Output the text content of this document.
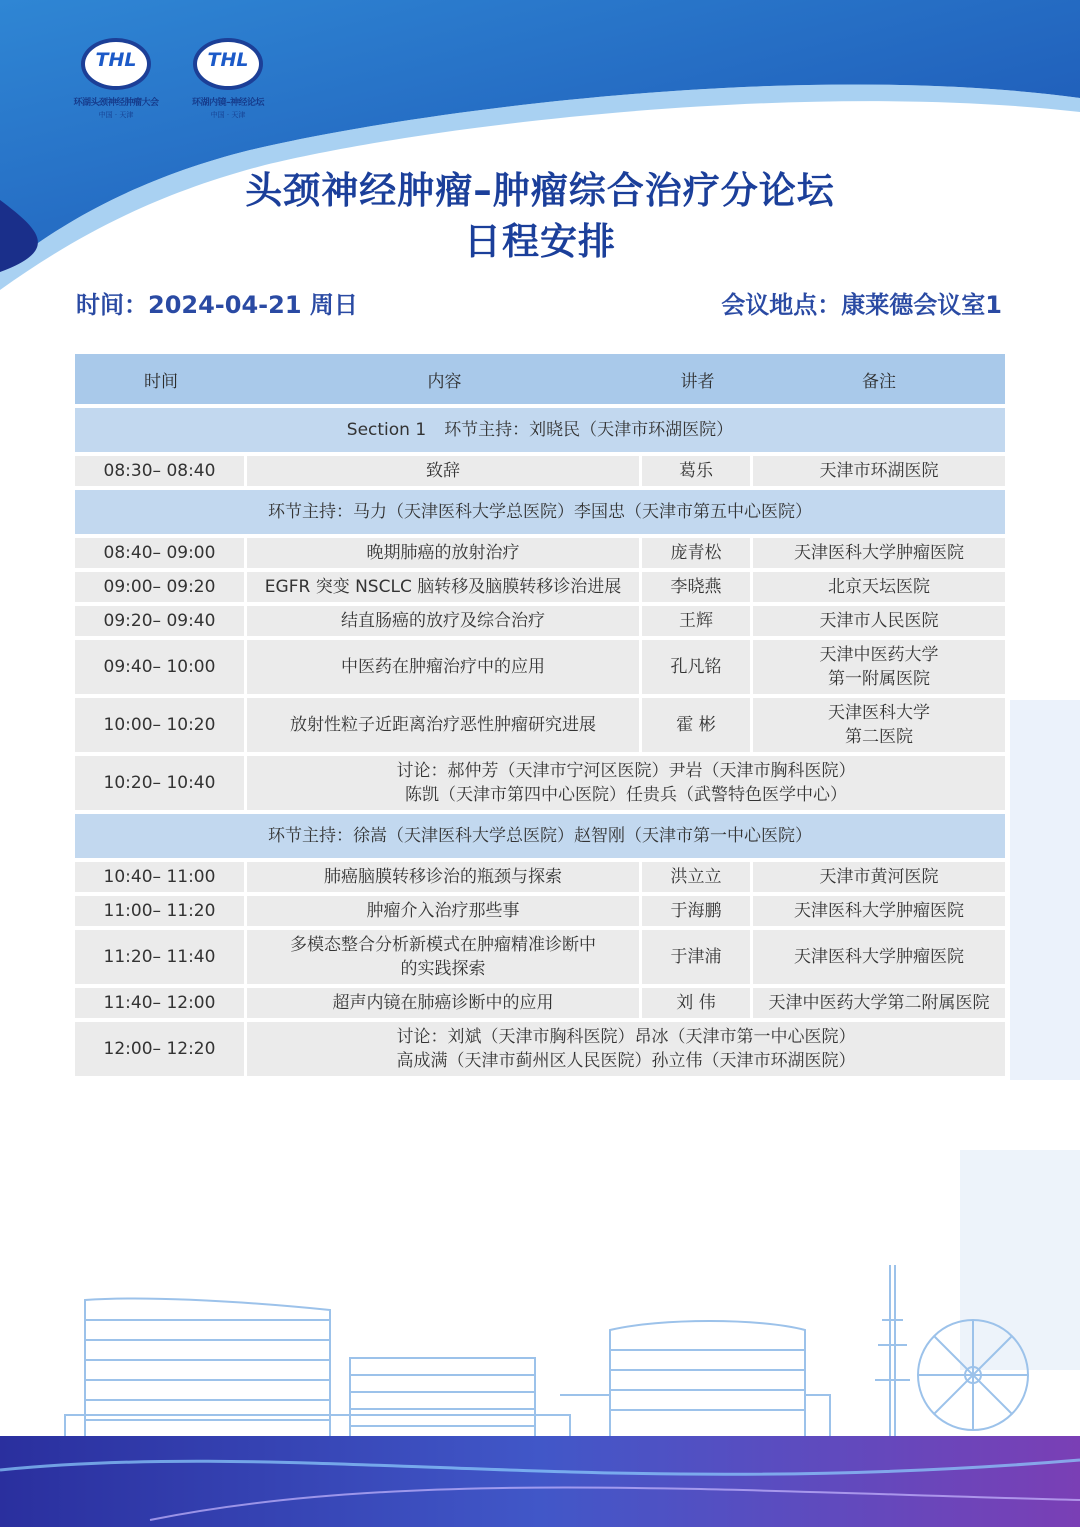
THL
环湖头颈神经肿瘤大会
中国 · 天津
THL
环湖内镜–神经论坛
中国 · 天津
头颈神经肿瘤–肿瘤综合治疗分论坛
日程安排
时间：2024-04-21 周日	会议地点：康莱德会议室1
时间	内容	讲者	备注
Section 1 环节主持：刘晓民（天津市环湖医院）			
08:30– 08:40	致辞	葛乐	天津市环湖医院
环节主持：马力（天津医科大学总医院）李国忠（天津市第五中心医院）			
08:40– 09:00	晚期肺癌的放射治疗	庞青松	天津医科大学肿瘤医院
09:00– 09:20	EGFR 突变 NSCLC 脑转移及脑膜转移诊治进展	李晓燕	北京天坛医院
09:20– 09:40	结直肠癌的放疗及综合治疗	王辉	天津市人民医院
09:40– 10:00	中医药在肿瘤治疗中的应用	孔凡铭	天津中医药大学
第一附属医院

10:00– 10:20	放射性粒子近距离治疗恶性肿瘤研究进展	霍 彬	天津医科大学
第二医院

10:20– 10:40	讨论：郝仲芳（天津市宁河区医院）尹岩（天津市胸科医院）
陈凯（天津市第四中心医院）任贵兵（武警特色医学中心）		

环节主持：徐嵩（天津医科大学总医院）赵智刚（天津市第一中心医院）			
10:40– 11:00	肺癌脑膜转移诊治的瓶颈与探索	洪立立	天津市黄河医院
11:00– 11:20	肿瘤介入治疗那些事	于海鹏	天津医科大学肿瘤医院
11:20– 11:40	多模态整合分析新模式在肿瘤精准诊断中
的实践探索	于津浦	天津医科大学肿瘤医院
11:40– 12:00	超声内镜在肺癌诊断中的应用	刘 伟	天津中医药大学第二附属医院
12:00– 12:20	讨论：刘斌（天津市胸科医院）昂冰（天津市第一中心医院）
高成满（天津市蓟州区人民医院）孙立伟（天津市环湖医院）		
